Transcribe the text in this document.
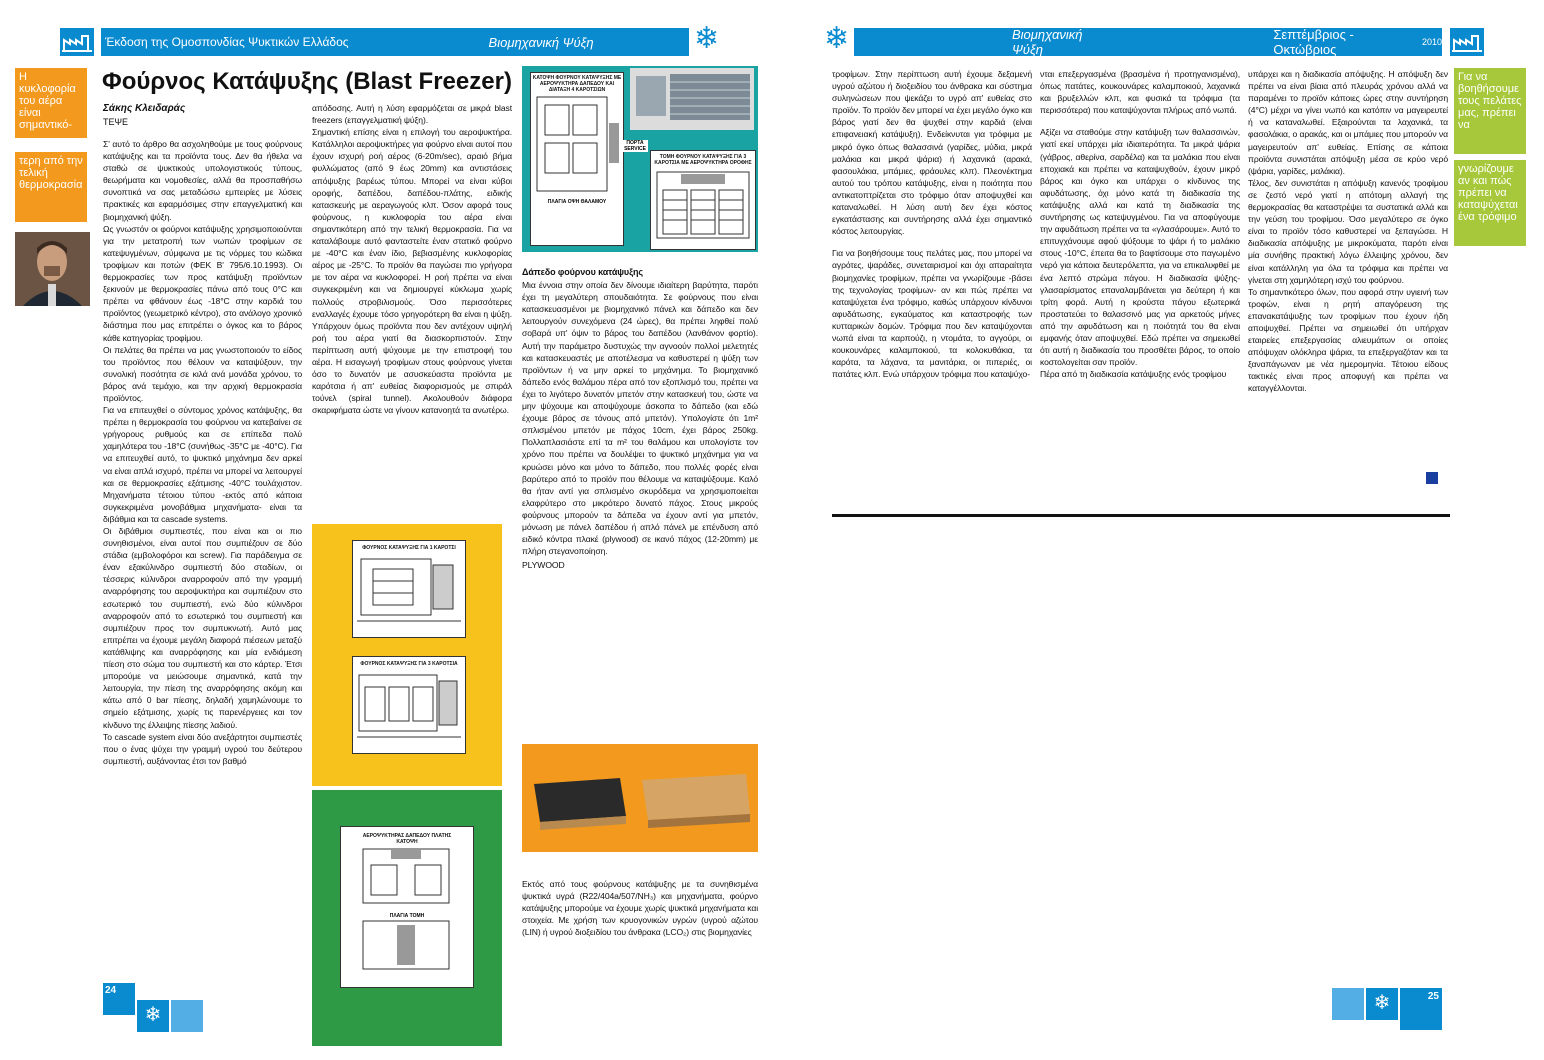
Έκδοση της Ομοσπονδίας Ψυκτικών Ελλάδος	Βιομηχανική Ψύξη	❄
Η κυκλοφορία του αέρα είναι σημαντικό-
τερη από την τελική θερμοκρασία
Φούρνος Κατάψυξης (Blast Freezer)
Σάκης Κλειδαράς
ΤΕΨΕ

Σ' αυτό το άρθρο θα ασχοληθούμε με τους φούρνους κατάψυξης και τα προϊόντα τους. Δεν θα ήθελα να σταθώ σε ψυκτικούς υπολογιστικούς τύπους, θεωρήματα και νομοθεσίες, αλλά θα προσπαθήσω συνοπτικά να σας μεταδώσω εμπειρίες με λύσεις πρακτικές και εφαρμόσιμες στην επαγγελματική και βιομηχανική ψύξη.

Ως γνωστόν οι φούρνοι κατάψυξης χρησιμοποιούνται για την μετατροπή των νωπών τροφίμων σε κατεψυγμένων, σύμφωνα με τις νόρμες του κώδικα τροφίμων και ποτών (ΦΕΚ Β' 795/6.10.1993). Οι θερμοκρασίες των προς κατάψυξη προϊόντων ξεκινούν με θερμοκρασίες πάνω από τους 0°C και πρέπει να φθάνουν έως -18°C στην καρδιά του προϊόντος (γεωμετρικό κέντρο), στο ανάλογο χρονικό διάστημα που μας επιτρέπει ο όγκος και το βάρος κάθε κατηγορίας τροφίμου.

Οι πελάτες θα πρέπει να μας γνωστοποιούν το είδος του προϊόντος που θέλουν να καταψύξουν, την συνολική ποσότητα σε κιλά ανά μονάδα χρόνου, το βάρος ανά τεμάχιο, και την αρχική θερμοκρασία προϊόντος.

Για να επιτευχθεί ο σύντομος χρόνος κατάψυξης, θα πρέπει η θερμοκρασία του φούρνου να κατεβαίνει σε γρήγορους ρυθμούς και σε επίπεδα πολύ χαμηλότερα του -18°C (συνήθως -35°C με -40°C). Για να επιτευχθεί αυτό, το ψυκτικό μηχάνημα δεν αρκεί να είναι απλά ισχυρό, πρέπει να μπορεί να λειτουργεί και σε θερμοκρασίες εξάτμισης -40°C τουλάχιστον. Μηχανήματα τέτοιου τύπου -εκτός από κάποια συγκεκριμένα μονοβάθμια μηχανήματα- είναι τα διβάθμια και τα cascade systems.

Οι διβάθμιοι συμπιεστές, που είναι και οι πιο συνηθισμένοι, είναι αυτοί που συμπιέζουν σε δύο στάδια (εμβολοφόροι και screw). Για παράδειγμα σε έναν εξακύλινδρο συμπιεστή δύο σταδίων, οι τέσσερις κύλινδροι αναρροφούν από την γραμμή αναρρόφησης του αεροψυκτήρα και συμπιέζουν στο εσωτερικό του συμπιεστή, ενώ δύο κύλινδροι αναρροφούν από το εσωτερικό του συμπιεστή και συμπιέζουν προς τον συμπυκνωτή. Αυτό μας επιτρέπει να έχουμε μεγάλη διαφορά πιέσεων μεταξύ κατάθλιψης και αναρρόφησης και μία ενδιάμεση πίεση στο σώμα του συμπιεστή και στο κάρτερ. Έτσι μπορούμε να μειώσουμε σημαντικά, κατά την λειτουργία, την πίεση της αναρρόφησης ακόμη και κάτω από 0 bar πίεσης, δηλαδή χαμηλώνουμε το σημείο εξάτμισης, χωρίς τις παρενέργειες και τον κίνδυνο της έλλειψης πίεσης λαδιού.

Το cascade system είναι δύο ανεξάρτητοι συμπιεστές που ο ένας ψύχει την γραμμή υγρού του δεύτερου συμπιεστή, αυξάνοντας έτσι τον βαθμό

απόδοσης. Αυτή η λύση εφαρμόζεται σε μικρά blast freezers (επαγγελματική ψύξη).

Σημαντική επίσης είναι η επιλογή του αεροψυκτήρα. Κατάλληλοι αεροψυκτήρες για φούρνο είναι αυτοί που έχουν ισχυρή ροή αέρος (6-20m/sec), αραιό βήμα φυλλώματος (από 9 έως 20mm) και αντιστάσεις απόψυξης βαρέως τύπου. Μπορεί να είναι κύβοι οροφής, δαπέδου, δαπέδου-πλάτης, ειδικής κατασκευής με αεραγωγούς κλπ. Όσον αφορά τους φούρνους, η κυκλοφορία του αέρα είναι σημαντικότερη από την τελική θερμοκρασία. Για να καταλάβουμε αυτό φανταστείτε έναν στατικό φούρνο με -40°C και έναν ίδιο, βεβιασμένης κυκλοφορίας αέρος με -25°C. Το προϊόν θα παγώσει πιο γρήγορα με τον αέρα να κυκλοφορεί. Η ροή πρέπει να είναι συγκεκριμένη και να δημιουργεί κύκλωμα χωρίς πολλούς στροβιλισμούς. Όσο περισσότερες εναλλαγές έχουμε τόσο γρηγορότερη θα είναι η ψύξη. Υπάρχουν όμως προϊόντα που δεν αντέχουν υψηλή ροή του αέρα γιατί θα διασκορπιστούν. Στην περίπτωση αυτή ψύχουμε με την επιστροφή του αέρα. Η εισαγωγή τροφίμων στους φούρνους γίνεται όσο το δυνατόν με ασυσκεύαστα προϊόντα με καρότσια ή απ' ευθείας διαφορισμούς με σπιράλ τούνελ (spiral tunnel). Ακολουθούν διάφορα σκαριφήματα ώστε να γίνουν κατανοητά τα ανωτέρω.

ΦΟΥΡΝΟΣ ΚΑΤΑΨΥΞΗΣ ΓΙΑ 1 ΚΑΡΟΤΣΙ
ΦΟΥΡΝΟΣ ΚΑΤΑΨΥΞΗΣ ΓΙΑ 3 ΚΑΡΟΤΣΙΑ
ΑΕΡΟΨΥΚΤΗΡΑΣ ΔΑΠΕΔΟΥ ΠΛΑΤΗΣ
ΚΑΤΟΨΗ
ΠΛΑΓΙΑ ΤΟΜΗ
ΚΑΤΟΨΗ ΦΟΥΡΝΟΥ ΚΑΤΑΨΥΞΗΣ ΜΕ ΑΕΡΟΨΥΚΤΗΡΑ ΔΑΠΕΔΟΥ ΚΑΙ ΔΙΑΤΑΞΗ 4 ΚΑΡΟΤΣΙΩΝ
ΠΛΑΓΙΑ ΟΨΗ ΘΑΛΑΜΟΥ
ΠΟΡΤΑ SERVICE
ΤΟΜΗ ΦΟΥΡΝΟΥ ΚΑΤΑΨΥΞΗΣ ΓΙΑ 3 ΚΑΡΟΤΣΙΑ ΜΕ ΑΕΡΟΨΥΚΤΗΡΑ ΟΡΟΦΗΣ
Δάπεδο φούρνου κατάψυξης

Μια έννοια στην οποία δεν δίνουμε ιδιαίτερη βαρύτητα, παρότι έχει τη μεγαλύτερη σπουδαιότητα. Σε φούρνους που είναι κατασκευασμένοι με βιομηχανικό πάνελ και δάπεδο και δεν λειτουργούν συνεχόμενα (24 ώρες), θα πρέπει ληφθεί πολύ σοβαρά υπ' όψιν το βάρος του δαπέδου (λανθάνον φορτίο). Αυτή την παράμετρο δυστυχώς την αγνοούν πολλοί μελετητές και κατασκευαστές με αποτέλεσμα να καθυστερεί η ψύξη των προϊόντων ή να μην αρκεί το μηχάνημα. Το βιομηχανικό δάπεδο ενός θαλάμου πέρα από τον εξοπλισμό του, πρέπει να έχει το λιγότερο δυνατόν μπετόν στην κατασκευή του, ώστε να μην ψύχουμε και αποψύχουμε άσκοπα το δάπεδο (και εδώ έχουμε βάρος σε τόνους από μπετόν). Υπολογίστε ότι 1m² σπλισμένου μπετόν με πάχος 10cm, έχει βάρος 250kg. Πολλαπλασιάστε επί τα m² του θαλάμου και υπολογίστε τον χρόνο που πρέπει να δουλέψει το ψυκτικό μηχάνημα για να κρυώσει μόνο και μόνο το δάπεδο, που πολλές φορές είναι βαρύτερο από το προϊόν που θέλουμε να καταψύξουμε. Καλό θα ήταν αντί για σπλισμένο σκυρόδεμα να χρησιμοποιείται ελαφρύτερο στο μικρότερο δυνατό πάχος. Στους μικρούς φούρνους μπορούν τα δάπεδα να έχουν αντί για μπετόν, μόνωση με πάνελ δαπέδου ή απλό πάνελ με επένδυση από ειδικό κόντρα πλακέ (plywood) σε ικανό πάχος (12-20mm) με πλήρη στεγανοποίηση.

PLYWOOD

Εκτός από τους φούρνους κατάψυξης με τα συνηθισμένα ψυκτικά υγρά (R22/404a/507/NH₃) και μηχανήματα, φούρνο κατάψυξης μπορούμε να έχουμε χωρίς ψυκτικά μηχανήματα και στοιχεία. Με χρήση των κρυογονικών υγρών (υγρού αζώτου (LIN) ή υγρού διοξειδίου του άνθρακα (LCO₂) στις βιομηχανίες

24
❄
❄	Βιομηχανική Ψύξη
Σεπτέμβριος - Οκτώβριος	2010

τροφίμων. Στην περίπτωση αυτή έχουμε δεξαμενή υγρού αζώτου ή διοξειδίου του άνθρακα και σύστημα συληνώσεων που ψεκάζει το υγρό απ' ευθείας στο προϊόν. Το προϊόν δεν μπορεί να έχει μεγάλο όγκο και βάρος γιατί δεν θα ψυχθεί στην καρδιά (είναι επιφανειακή κατάψυξη). Ενδείκνυται για τρόφιμα με μικρό όγκο όπως θαλασσινά (γαρίδες, μύδια, μικρά μαλάκια και μικρά ψάρια) ή λαχανικά (αρακά, φασουλάκια, μπάμιες, φράουλες κλπ). Πλεονέκτημα αυτού του τρόπου κατάψυξης, είναι η ποιότητα που αντικατοπτρίζεται στο τρόφιμο όταν αποψυχθεί και καταναλωθεί. Η λύση αυτή δεν έχει κόστος εγκατάστασης και συντήρησης αλλά έχει σημαντικό κόστος λειτουργίας.

Για να βοηθήσουμε τους πελάτες μας, που μπορεί να αγρότες, ψαράδες, συνεταιρισμοί και όχι απαραίτητα βιομηχανίες τροφίμων, πρέπει να γνωρίζουμε -βάσει της τεχνολογίας τροφίμων- αν και πώς πρέπει να καταψύχεται ένα τρόφιμο, καθώς υπάρχουν κίνδυνοι αφυδάτωσης, εγκαύματος και καταστροφής των κυτταρικών δομών. Τρόφιμα που δεν καταψύχονται νωπά είναι τα καρπούζι, η ντομάτα, το αγγούρι, οι κουκουνάρες καλαμποκιού, τα κολοκυθάκια, τα καρότα, τα λάχανα, τα μανιτάρια, οι πιπεριές, οι πατάτες κλπ. Ενώ υπάρχουν τρόφιμα που καταψύχο-

νται επεξεργασμένα (βρασμένα ή προτηγανισμένα), όπως πατάτες, κουκουνάρες καλαμποκιού, λαχανικά και βρυξελλών κλπ, και φυσικά τα τρόφιμα (τα περισσότερα) που καταψύχονται πλήρως από νωπά.

Αξίζει να σταθούμε στην κατάψυξη των θαλασσινών, γιατί εκεί υπάρχει μία ιδιαιτερότητα. Τα μικρά ψάρια (γάβρος, αθερίνα, σαρδέλα) και τα μαλάκια που είναι εποχιακά και πρέπει να καταψυχθούν, έχουν μικρό βάρος και όγκο και υπάρχει ο κίνδυνος της αφυδάτωσης, όχι μόνο κατά τη διαδικασία της κατάψυξης αλλά και κατά τη διαδικασία της συντήρησης ως κατεψυγμένου. Για να αποφύγουμε την αφυδάτωση πρέπει να τα «γλασάρουμε». Αυτό το επιτυγχάνουμε αφού ψύξουμε το ψάρι ή το μαλάκιο στους -10°C, έπειτα θα το βαφτίσουμε στο παγωμένο νερό για κάποια δευτερόλεπτα, για να επικαλυφθεί με ένα λεπτό στρώμα πάγου. Η διαδικασία ψύξης-γλασαρίσματος επαναλαμβάνεται για δεύτερη ή και τρίτη φορά. Αυτή η κρούστα πάγου εξωτερικά προστατεύει το θαλασσινό μας για αρκετούς μήνες από την αφυδάτωση και η ποιότητά του θα είναι εμφανής όταν αποψυχθεί. Εδώ πρέπει να σημειωθεί ότι αυτή η διαδικασία του προσθέτει βάρος, το οποίο κοστολογείται σαν προϊόν.

Πέρα από τη διαδικασία κατάψυξης ενός τροφίμου

υπάρχει και η διαδικασία απόψυξης. Η απόψυξη δεν πρέπει να είναι βίαια από πλευράς χρόνου αλλά να παραμένει το προϊόν κάποιες ώρες στην συντήρηση (4°C) μέχρι να γίνει νωπό και κατόπιν να μαγειρευτεί ή να καταναλωθεί. Εξαιρούνται τα λαχανικά, τα φασολάκια, ο αρακάς, και οι μπάμιες που μπορούν να μαγειρευτούν απ' ευθείας. Επίσης σε κάποια προϊόντα συνιστάται απόψυξη μέσα σε κρύο νερό (ψάρια, γαρίδες, μαλάκια).

Τέλος, δεν συνιστάται η απόψυξη κανενός τροφίμου σε ζεστό νερό γιατί η απότομη αλλαγή της θερμοκρασίας θα καταστρέψει τα συστατικά αλλά και την γεύση του τροφίμου. Όσο μεγαλύτερο σε όγκο είναι το προϊόν τόσο καθυστερεί να ξεπαγώσει. Η διαδικασία απόψυξης με μικροκύματα, παρότι είναι μία συνήθης πρακτική λόγω έλλειψης χρόνου, δεν είναι κατάλληλη για όλα τα τρόφιμα και πρέπει να γίνεται στη χαμηλότερη ισχύ του φούρνου.

Το σημαντικότερο όλων, που αφορά στην υγιεινή των τροφών, είναι η ρητή απαγόρευση της επανακατάψυξης των τροφίμων που έχουν ήδη αποψυχθεί. Πρέπει να σημειωθεί ότι υπήρχαν εταιρείες επεξεργασίας αλιευμάτων οι οποίες απόψυχαν ολόκληρα ψάρια, τα επεξεργαζόταν και τα ξαναπάγωναν με νέα ημερομηνία. Τέτοιου είδους τακτικές είναι προς αποφυγή και πρέπει να καταγγέλλονται.

Για να βοηθήσουμε τους πελάτες μας, πρέπει να
γνωρίζουμε αν και πώς πρέπει να καταψύχεται ένα τρόφιμο
❄	25
